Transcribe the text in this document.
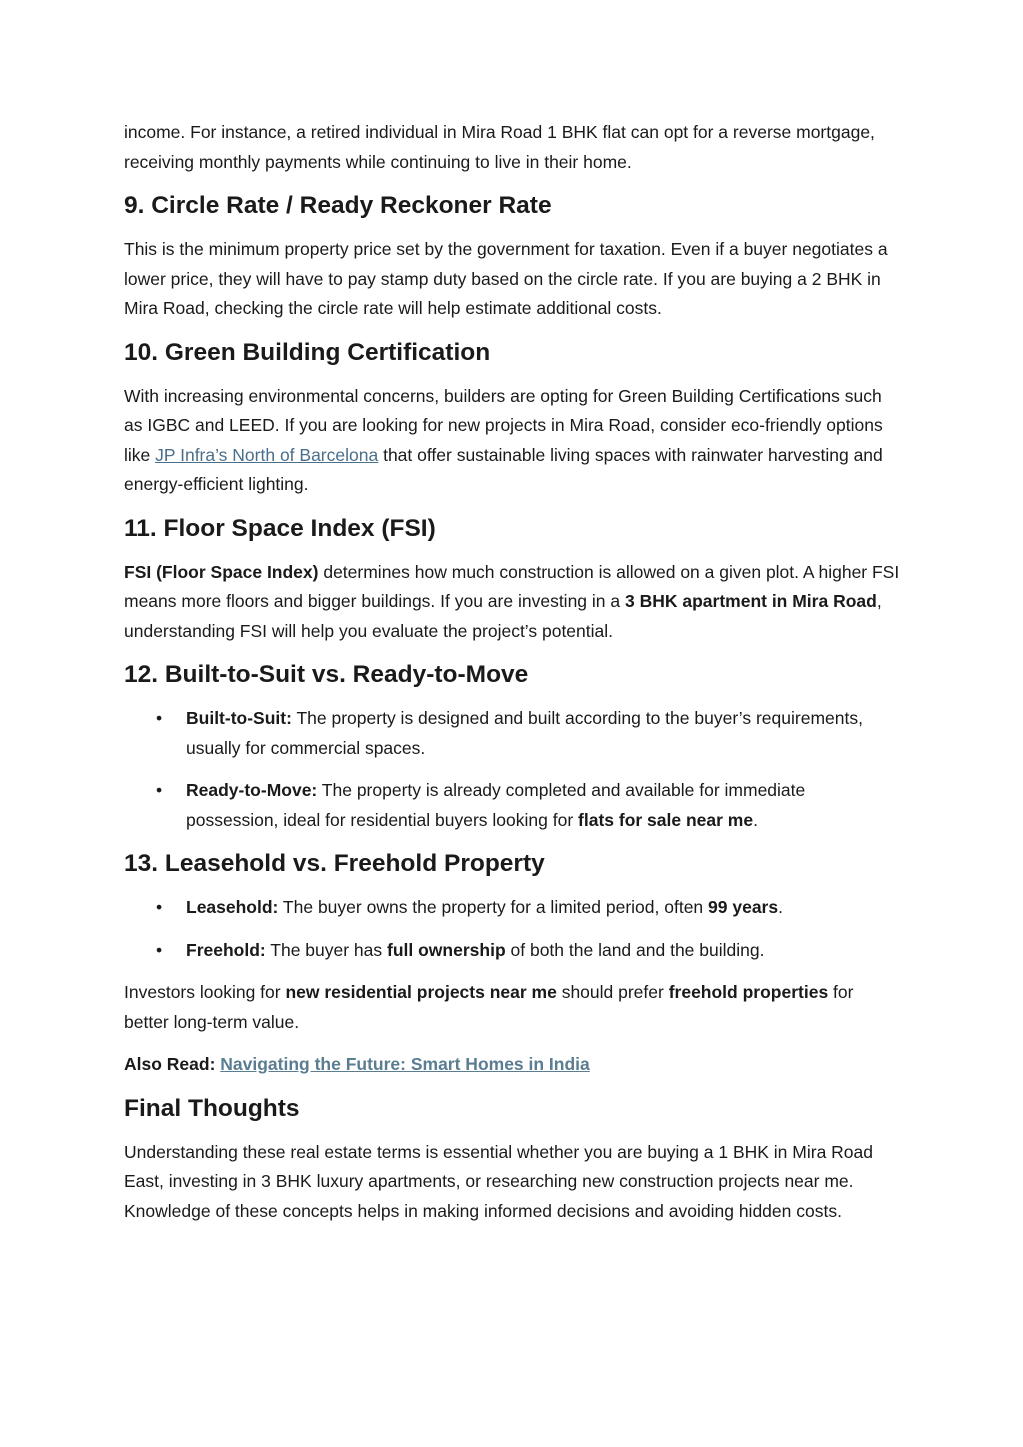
income. For instance, a retired individual in Mira Road 1 BHK flat can opt for a reverse mortgage, receiving monthly payments while continuing to live in their home.

9. Circle Rate / Ready Reckoner Rate

This is the minimum property price set by the government for taxation. Even if a buyer negotiates a lower price, they will have to pay stamp duty based on the circle rate. If you are buying a 2 BHK in Mira Road, checking the circle rate will help estimate additional costs.

10. Green Building Certification

With increasing environmental concerns, builders are opting for Green Building Certifications such as IGBC and LEED. If you are looking for new projects in Mira Road, consider eco-friendly options like JP Infra’s North of Barcelona that offer sustainable living spaces with rainwater harvesting and energy-efficient lighting.

11. Floor Space Index (FSI)

FSI (Floor Space Index) determines how much construction is allowed on a given plot. A higher FSI means more floors and bigger buildings. If you are investing in a 3 BHK apartment in Mira Road, understanding FSI will help you evaluate the project’s potential.

12. Built-to-Suit vs. Ready-to-Move
• Built-to-Suit: The property is designed and built according to the buyer’s requirements, usually for commercial spaces.
• Ready-to-Move: The property is already completed and available for immediate possession, ideal for residential buyers looking for flats for sale near me.
13. Leasehold vs. Freehold Property
• Leasehold: The buyer owns the property for a limited period, often 99 years.
• Freehold: The buyer has full ownership of both the land and the building.

Investors looking for new residential projects near me should prefer freehold properties for better long-term value.

Also Read: Navigating the Future: Smart Homes in India

Final Thoughts

Understanding these real estate terms is essential whether you are buying a 1 BHK in Mira Road East, investing in 3 BHK luxury apartments, or researching new construction projects near me. Knowledge of these concepts helps in making informed decisions and avoiding hidden costs.
